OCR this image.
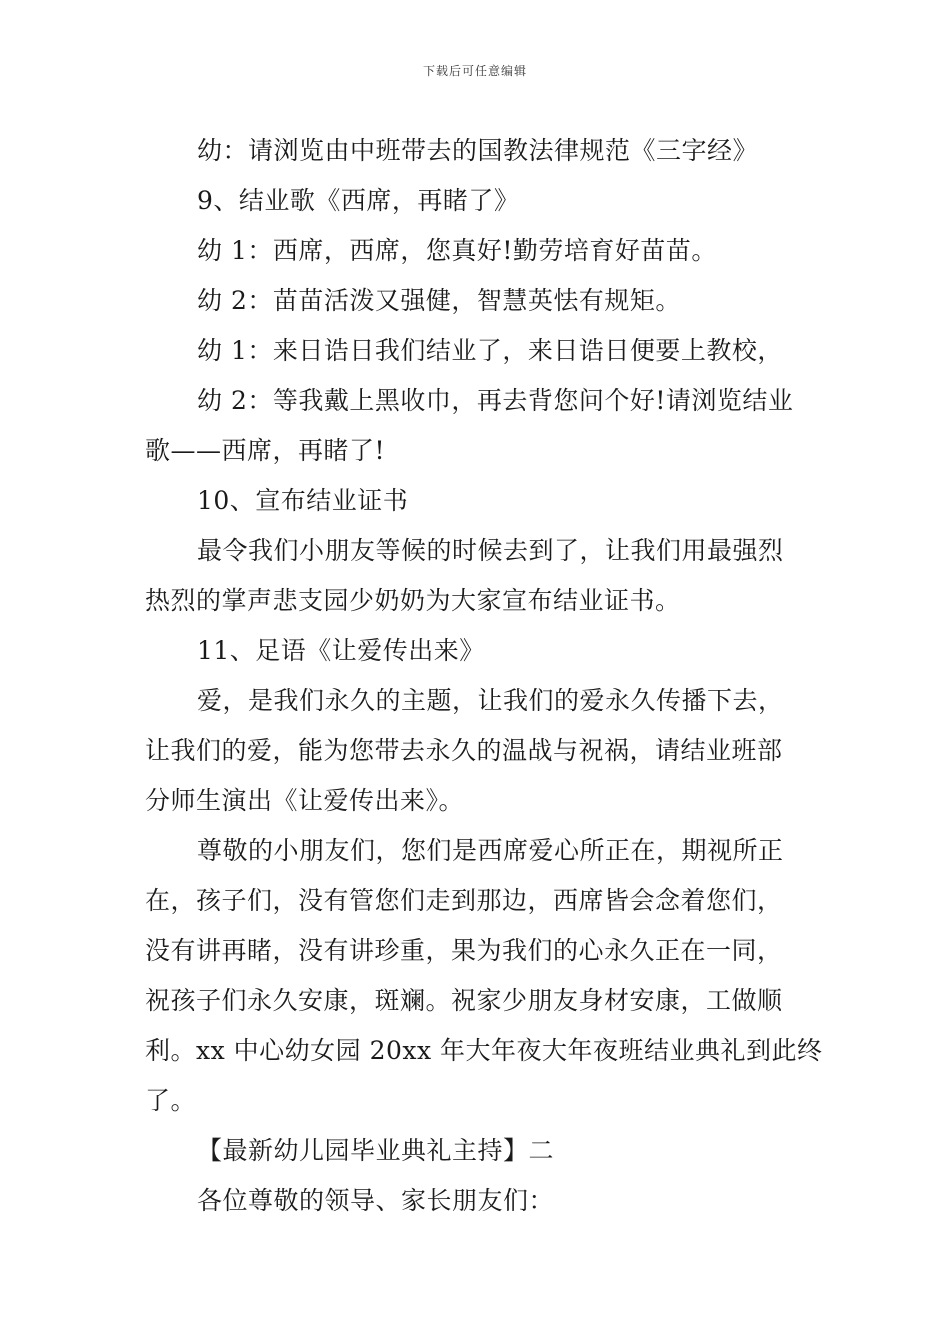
下载后可任意编辑
幼：请浏览由中班带去的国教法律规范《三字经》
9、结业歌《西席，再睹了》
幼 1：西席，西席，您真好!勤劳培育好苗苗。
幼 2：苗苗活泼又强健，智慧英怯有规矩。
幼 1：来日诰日我们结业了，来日诰日便要上教校，
幼 2：等我戴上黑收巾，再去背您问个好!请浏览结业
歌——西席，再睹了!
10、宣布结业证书
最令我们小朋友等候的时候去到了，让我们用最强烈
热烈的掌声悲支园少奶奶为大家宣布结业证书。
11、足语《让爱传出来》
爱，是我们永久的主题，让我们的爱永久传播下去，
让我们的爱，能为您带去永久的温战与祝祸，请结业班部
分师生演出《让爱传出来》。
尊敬的小朋友们，您们是西席爱心所正在，期视所正
在，孩子们，没有管您们走到那边，西席皆会念着您们，
没有讲再睹，没有讲珍重，果为我们的心永久正在一同，
祝孩子们永久安康，斑斓。祝家少朋友身材安康，工做顺
利。xx 中心幼女园 20xx 年大年夜大年夜班结业典礼到此终
了。
【最新幼儿园毕业典礼主持】二
各位尊敬的领导、家长朋友们：
